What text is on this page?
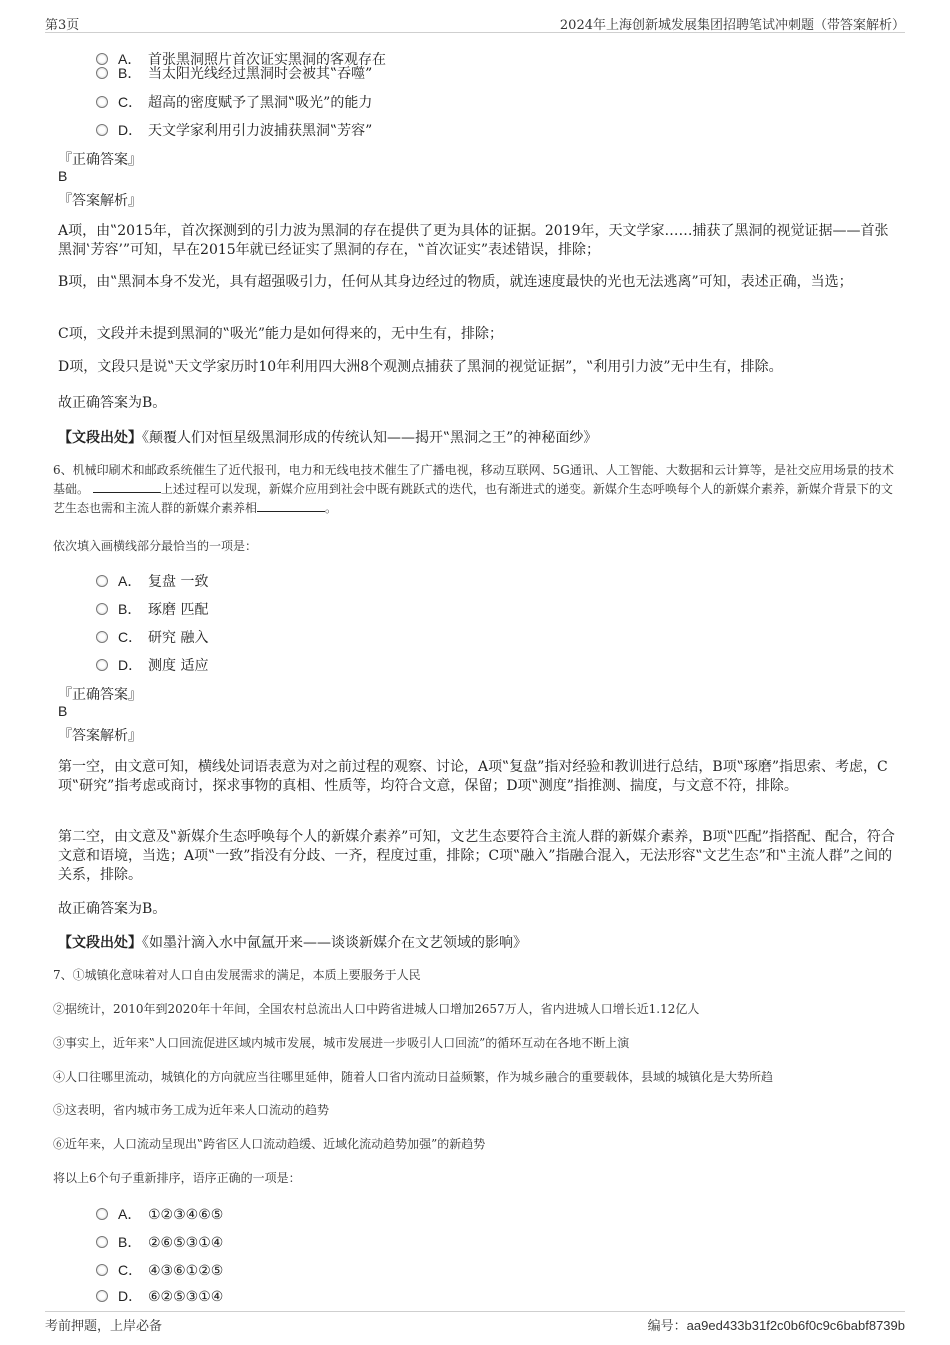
第3页	2024年上海创新城发展集团招聘笔试冲刺题（带答案解析）
A． 首张黑洞照片首次证实黑洞的客观存在
B． 当太阳光线经过黑洞时会被其‟吞噬”
C． 超高的密度赋予了黑洞‟吸光”的能力
D． 天文学家利用引力波捕获黑洞‟芳容”
『正确答案』
B
『答案解析』
A项，由‟2015年，首次探测到的引力波为黑洞的存在提供了更为具体的证据。2019年，天文学家……捕获了黑洞的视觉证据——首张黑洞‛芳容’”可知，早在2015年就已经证实了黑洞的存在，‟首次证实”表述错误，排除；
B项，由‟黑洞本身不发光，具有超强吸引力，任何从其身边经过的物质，就连速度最快的光也无法逃离”可知，表述正确，当选；
C项，文段并未提到黑洞的‟吸光”能力是如何得来的，无中生有，排除；
D项，文段只是说‟天文学家历时10年利用四大洲8个观测点捕获了黑洞的视觉证据”，‟利用引力波”无中生有，排除。
故正确答案为B。
【文段出处】《颠覆人们对恒星级黑洞形成的传统认知——揭开‟黑洞之王”的神秘面纱》
6、机械印刷术和邮政系统催生了近代报刊，电力和无线电技术催生了广播电视，移动互联网、5G通讯、人工智能、大数据和云计算等，是社交应用场景的技术基础。	上述过程可以发现，新媒介应用到社会中既有跳跃式的迭代，也有渐进式的递变。新媒介生态呼唤每个人的新媒介素养，新媒介背景下的文艺生态也需和主流人群的新媒介素养相	。
依次填入画横线部分最恰当的一项是：
A． 复盘 一致
B． 琢磨 匹配
C． 研究 融入
D． 测度 适应
『正确答案』
B
『答案解析』
第一空，由文意可知，横线处词语表意为对之前过程的观察、讨论，A项‟复盘”指对经验和教训进行总结，B项‟琢磨”指思索、考虑，C项‟研究”指考虑或商讨，探求事物的真相、性质等，均符合文意，保留；D项‟测度”指推测、揣度，与文意不符，排除。
第二空，由文意及‟新媒介生态呼唤每个人的新媒介素养”可知，文艺生态要符合主流人群的新媒介素养，B项‟匹配”指搭配、配合，符合文意和语境，当选；A项‟一致”指没有分歧、一齐，程度过重，排除；C项‟融入”指融合混入，无法形容‟文艺生态”和‟主流人群”之间的关系，排除。
故正确答案为B。
【文段出处】《如墨汁滴入水中氤氲开来——谈谈新媒介在文艺领域的影响》
7、①城镇化意味着对人口自由发展需求的满足，本质上要服务于人民
②据统计，2010年到2020年十年间，全国农村总流出人口中跨省进城人口增加2657万人，省内进城人口增长近1.12亿人
③事实上，近年来‟人口回流促进区域内城市发展，城市发展进一步吸引人口回流”的循环互动在各地不断上演
④人口往哪里流动，城镇化的方向就应当往哪里延伸，随着人口省内流动日益频繁，作为城乡融合的重要载体，县域的城镇化是大势所趋
⑤这表明，省内城市务工成为近年来人口流动的趋势
⑥近年来，人口流动呈现出‟跨省区人口流动趋缓、近域化流动趋势加强”的新趋势
将以上6个句子重新排序，语序正确的一项是：
A． ①②③④⑥⑤
B． ②⑥⑤③①④
C． ④③⑥①②⑤
D． ⑥②⑤③①④
考前押题，上岸必备	编号：aa9ed433b31f2c0b6f0c9c6babf8739b
